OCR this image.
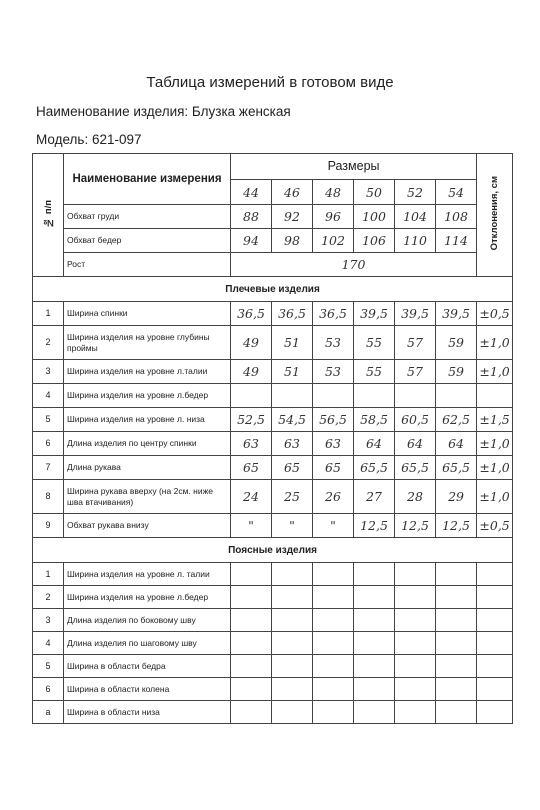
Таблица измерений в готовом виде
Наименование изделия: Блузка женская
Модель: 621-097
№ п/п	Наименование измерения	Размеры						Отклонения, см
		44	46	48	50	52	54	
	Обхват груди	88	92	96	100	104	108	
	Обхват бедер	94	98	102	106	110	114	
	Рост	170						
Плечевые изделия								
1	Ширина спинки	36,5	36,5	36,5	39,5	39,5	39,5	±0,5
2	Ширина изделия на уровне глубины проймы	49	51	53	55	57	59	±1,0
3	Ширина изделия на уровне л.талии	49	51	53	55	57	59	±1,0
4	Ширина изделия на уровне л.бедер							
5	Ширина изделия на уровне л. низа	52,5	54,5	56,5	58,5	60,5	62,5	±1,5
6	Длина изделия по центру спинки	63	63	63	64	64	64	±1,0
7	Длина рукава	65	65	65	65,5	65,5	65,5	±1,0
8	Ширина рукава вверху (на 2см. ниже шва втачивания)	24	25	26	27	28	29	±1,0
9	Обхват рукава внизу	"	"	"	12,5	12,5	12,5	±0,5
Поясные изделия								
1	Ширина изделия на уровне л. талии							
2	Ширина изделия на уровне л.бедер							
3	Длина изделия по боковому шву							
4	Длина изделия по шаговому шву							
5	Ширина в области бедра							
6	Ширина в области колена							
a	Ширина в области низа							
